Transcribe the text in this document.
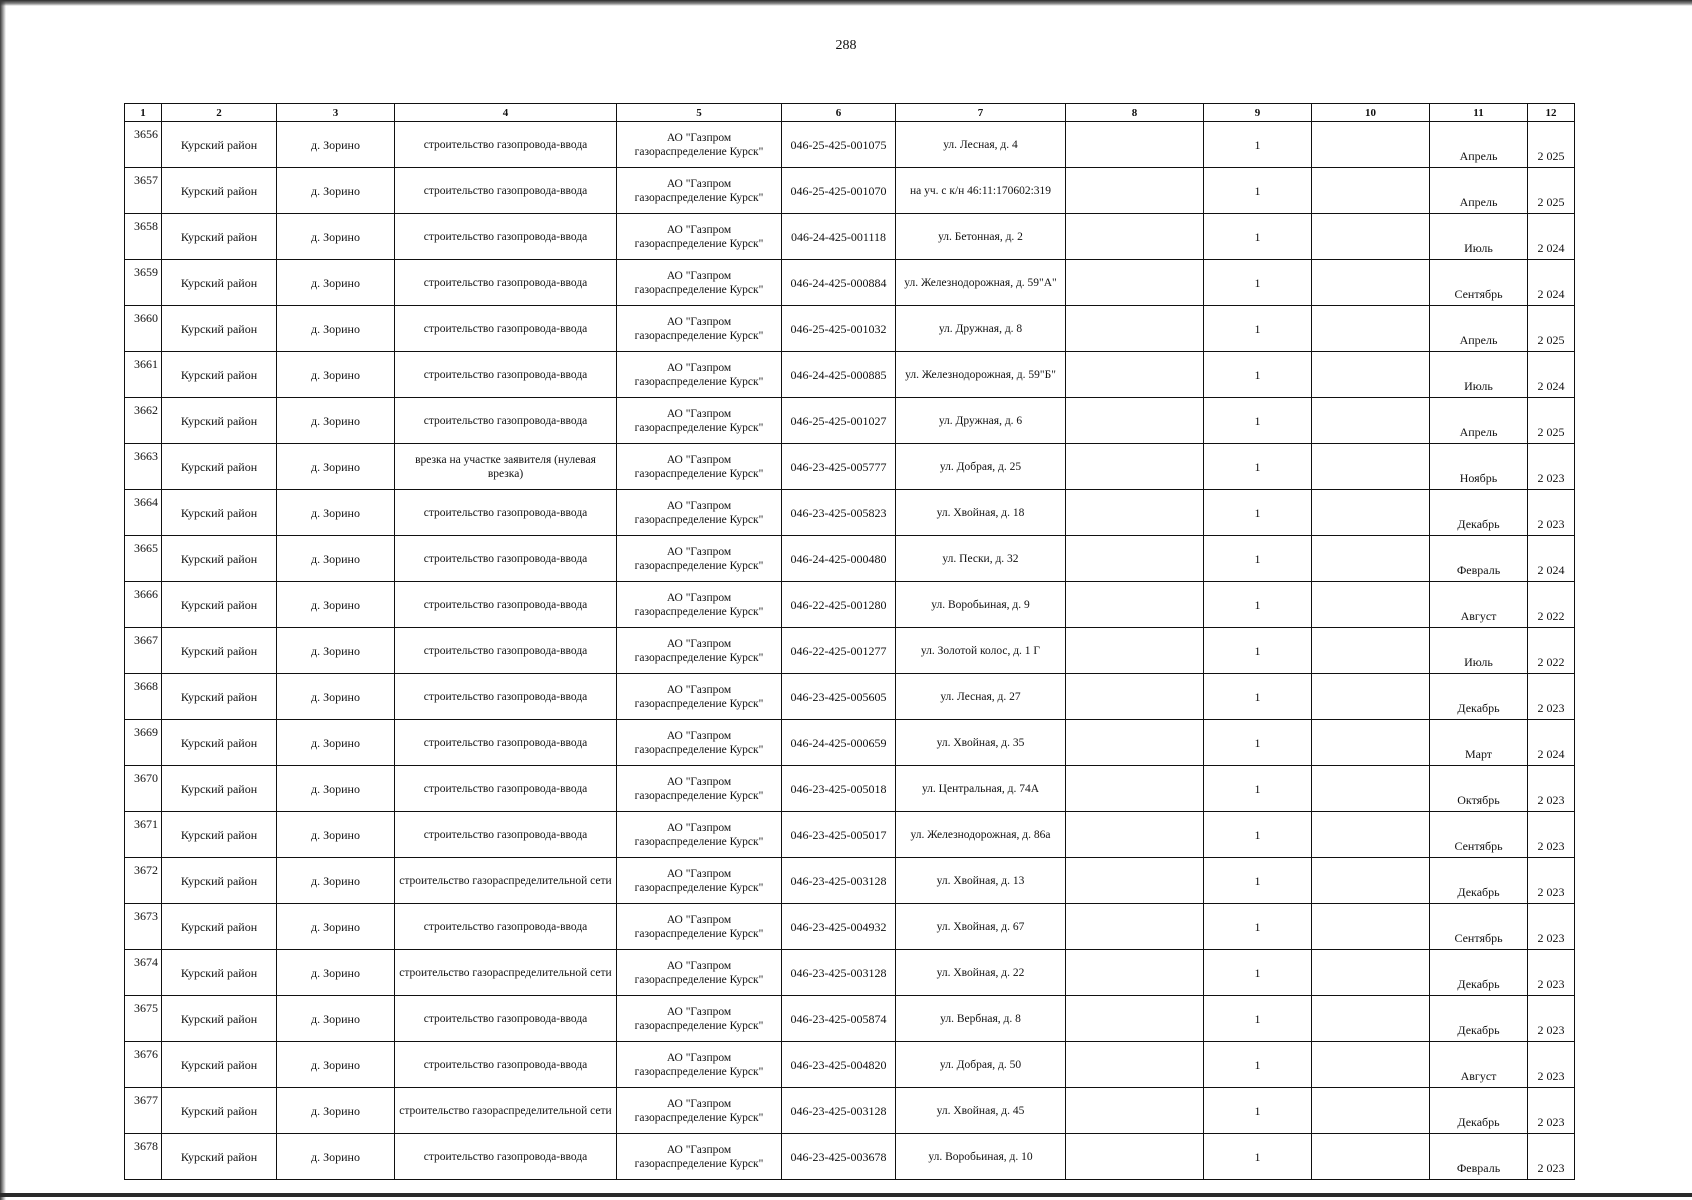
288
1	2	3	4	5	6	7	8	9	10	11	12
3656	Курский район	д. Зорино	строительство газопровода-ввода	АО "Газпром газораспределение Курск"	046-25-425-001075	ул. Лесная, д. 4		1		Апрель	2 025
3657	Курский район	д. Зорино	строительство газопровода-ввода	АО "Газпром газораспределение Курск"	046-25-425-001070	на уч. с к/н 46:11:170602:319		1		Апрель	2 025
3658	Курский район	д. Зорино	строительство газопровода-ввода	АО "Газпром газораспределение Курск"	046-24-425-001118	ул. Бетонная, д. 2		1		Июль	2 024
3659	Курский район	д. Зорино	строительство газопровода-ввода	АО "Газпром газораспределение Курск"	046-24-425-000884	ул. Железнодорожная, д. 59"А"		1		Сентябрь	2 024
3660	Курский район	д. Зорино	строительство газопровода-ввода	АО "Газпром газораспределение Курск"	046-25-425-001032	ул. Дружная, д. 8		1		Апрель	2 025
3661	Курский район	д. Зорино	строительство газопровода-ввода	АО "Газпром газораспределение Курск"	046-24-425-000885	ул. Железнодорожная, д. 59"Б"		1		Июль	2 024
3662	Курский район	д. Зорино	строительство газопровода-ввода	АО "Газпром газораспределение Курск"	046-25-425-001027	ул. Дружная, д. 6		1		Апрель	2 025
3663	Курский район	д. Зорино	врезка на участке заявителя (нулевая врезка)	АО "Газпром газораспределение Курск"	046-23-425-005777	ул. Добрая, д. 25		1		Ноябрь	2 023
3664	Курский район	д. Зорино	строительство газопровода-ввода	АО "Газпром газораспределение Курск"	046-23-425-005823	ул. Хвойная, д. 18		1		Декабрь	2 023
3665	Курский район	д. Зорино	строительство газопровода-ввода	АО "Газпром газораспределение Курск"	046-24-425-000480	ул. Пески, д. 32		1		Февраль	2 024
3666	Курский район	д. Зорино	строительство газопровода-ввода	АО "Газпром газораспределение Курск"	046-22-425-001280	ул. Воробьиная, д. 9		1		Август	2 022
3667	Курский район	д. Зорино	строительство газопровода-ввода	АО "Газпром газораспределение Курск"	046-22-425-001277	ул. Золотой колос, д. 1 Г		1		Июль	2 022
3668	Курский район	д. Зорино	строительство газопровода-ввода	АО "Газпром газораспределение Курск"	046-23-425-005605	ул. Лесная, д. 27		1		Декабрь	2 023
3669	Курский район	д. Зорино	строительство газопровода-ввода	АО "Газпром газораспределение Курск"	046-24-425-000659	ул. Хвойная, д. 35		1		Март	2 024
3670	Курский район	д. Зорино	строительство газопровода-ввода	АО "Газпром газораспределение Курск"	046-23-425-005018	ул. Центральная, д. 74А		1		Октябрь	2 023
3671	Курский район	д. Зорино	строительство газопровода-ввода	АО "Газпром газораспределение Курск"	046-23-425-005017	ул. Железнодорожная, д. 86а		1		Сентябрь	2 023
3672	Курский район	д. Зорино	строительство газораспределительной сети	АО "Газпром газораспределение Курск"	046-23-425-003128	ул. Хвойная, д. 13		1		Декабрь	2 023
3673	Курский район	д. Зорино	строительство газопровода-ввода	АО "Газпром газораспределение Курск"	046-23-425-004932	ул. Хвойная, д. 67		1		Сентябрь	2 023
3674	Курский район	д. Зорино	строительство газораспределительной сети	АО "Газпром газораспределение Курск"	046-23-425-003128	ул. Хвойная, д. 22		1		Декабрь	2 023
3675	Курский район	д. Зорино	строительство газопровода-ввода	АО "Газпром газораспределение Курск"	046-23-425-005874	ул. Вербная, д. 8		1		Декабрь	2 023
3676	Курский район	д. Зорино	строительство газопровода-ввода	АО "Газпром газораспределение Курск"	046-23-425-004820	ул. Добрая, д. 50		1		Август	2 023
3677	Курский район	д. Зорино	строительство газораспределительной сети	АО "Газпром газораспределение Курск"	046-23-425-003128	ул. Хвойная, д. 45		1		Декабрь	2 023
3678	Курский район	д. Зорино	строительство газопровода-ввода	АО "Газпром газораспределение Курск"	046-23-425-003678	ул. Воробьиная, д. 10		1		Февраль	2 023
